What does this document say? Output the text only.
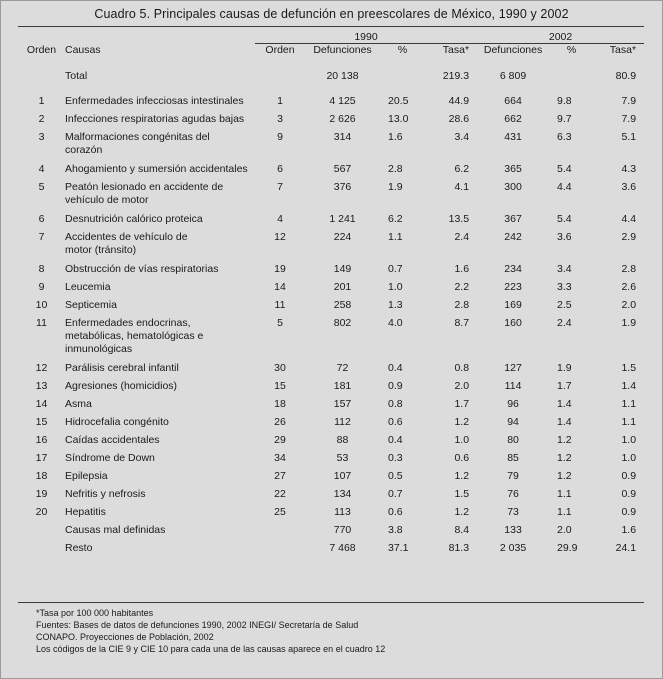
Cuadro 5. Principales causas de defunción en preescolares de México, 1990 y 2002
		1990				2002		
Orden	Causas	Orden	Defunciones	%	Tasa*	Defunciones	%	Tasa*
	Total		20 138		219.3	6 809		80.9
1	Enfermedades infecciosas intestinales	1	4 125	20.5	44.9	664	9.8	7.9
2	Infecciones respiratorias agudas bajas	3	2 626	13.0	28.6	662	9.7	7.9
3	Malformaciones congénitas del corazón	9	314	1.6	3.4	431	6.3	5.1
4	Ahogamiento y sumersión accidentales	6	567	2.8	6.2	365	5.4	4.3
5	Peatón lesionado en accidente de vehículo de motor	7	376	1.9	4.1	300	4.4	3.6
6	Desnutrición calórico proteica	4	1 241	6.2	13.5	367	5.4	4.4
7	Accidentes de vehículo de motor (tránsito)	12	224	1.1	2.4	242	3.6	2.9
8	Obstrucción de vías respiratorias	19	149	0.7	1.6	234	3.4	2.8
9	Leucemia	14	201	1.0	2.2	223	3.3	2.6
10	Septicemia	11	258	1.3	2.8	169	2.5	2.0
11	Enfermedades endocrinas, metabólicas, hematológicas e inmunológicas	5	802	4.0	8.7	160	2.4	1.9
12	Parálisis cerebral infantil	30	72	0.4	0.8	127	1.9	1.5
13	Agresiones (homicidios)	15	181	0.9	2.0	114	1.7	1.4
14	Asma	18	157	0.8	1.7	96	1.4	1.1
15	Hidrocefalia congénito	26	112	0.6	1.2	94	1.4	1.1
16	Caídas accidentales	29	88	0.4	1.0	80	1.2	1.0
17	Síndrome de Down	34	53	0.3	0.6	85	1.2	1.0
18	Epilepsia	27	107	0.5	1.2	79	1.2	0.9
19	Nefritis y nefrosis	22	134	0.7	1.5	76	1.1	0.9
20	Hepatitis	25	113	0.6	1.2	73	1.1	0.9
	Causas mal definidas		770	3.8	8.4	133	2.0	1.6
	Resto		7 468	37.1	81.3	2 035	29.9	24.1
*Tasa por 100 000 habitantes
Fuentes: Bases de datos de defunciones 1990, 2002 INEGI/ Secretaría de Salud
CONAPO. Proyecciones de Población, 2002
Los códigos de la CIE 9 y CIE 10 para cada una de las causas aparece en el cuadro 12
